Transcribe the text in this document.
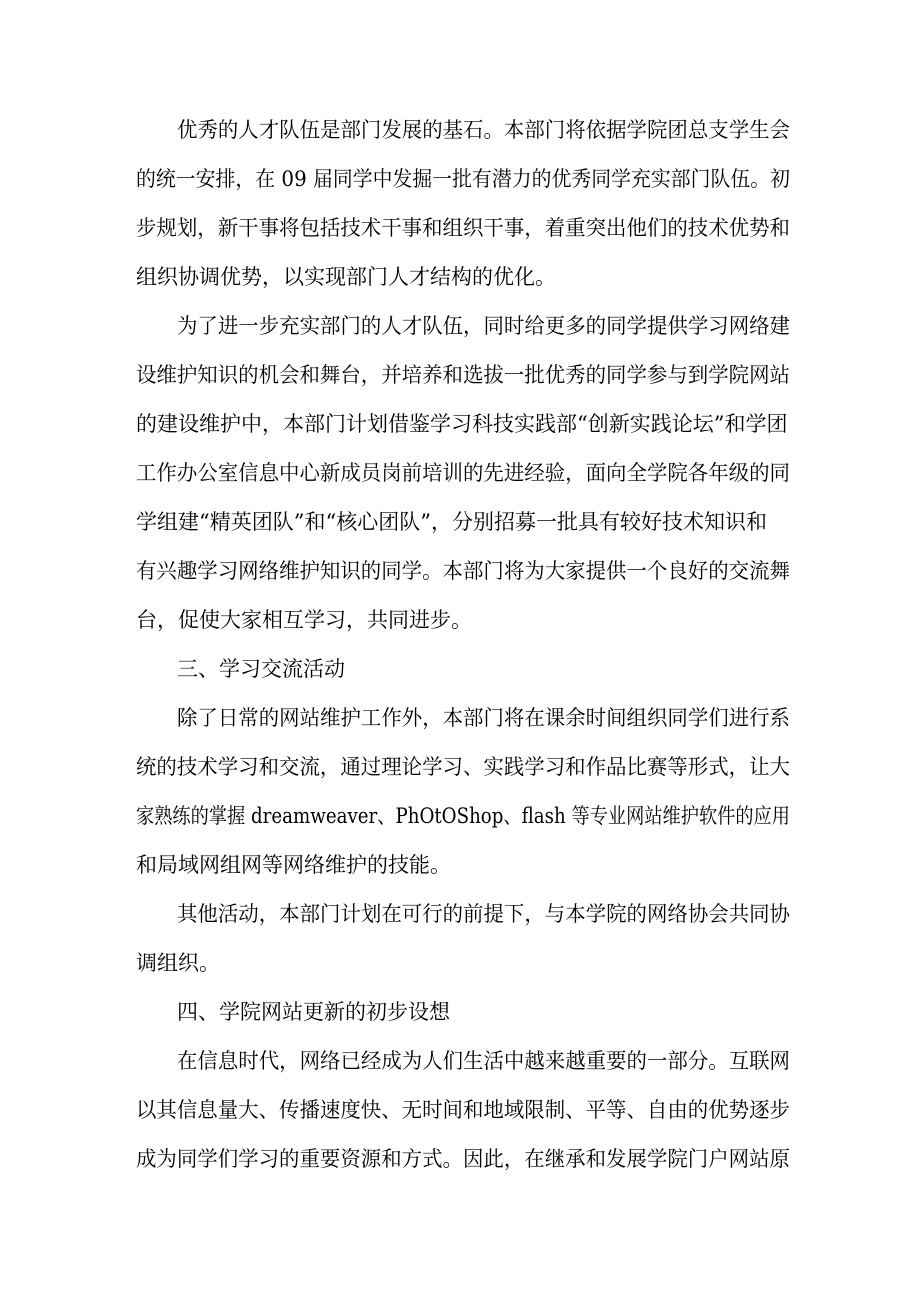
优秀的人才队伍是部门发展的基石。本部门将依据学院团总支学生会
的统一安排，在 09 届同学中发掘一批有潜力的优秀同学充实部门队伍。初
步规划，新干事将包括技术干事和组织干事，着重突出他们的技术优势和
组织协调优势，以实现部门人才结构的优化。
为了进一步充实部门的人才队伍，同时给更多的同学提供学习网络建
设维护知识的机会和舞台，并培养和选拔一批优秀的同学参与到学院网站
的建设维护中，本部门计划借鉴学习科技实践部“创新实践论坛”和学团
工作办公室信息中心新成员岗前培训的先进经验，面向全学院各年级的同
学组建“精英团队”和“核心团队”，分别招募一批具有较好技术知识和
有兴趣学习网络维护知识的同学。本部门将为大家提供一个良好的交流舞
台，促使大家相互学习，共同进步。
三、学习交流活动
除了日常的网站维护工作外，本部门将在课余时间组织同学们进行系
统的技术学习和交流，通过理论学习、实践学习和作品比赛等形式，让大
家熟练的掌握 dreamweaver、PhOtOShop、flash 等专业网站维护软件的应用
和局域网组网等网络维护的技能。
其他活动，本部门计划在可行的前提下，与本学院的网络协会共同协
调组织。
四、学院网站更新的初步设想
在信息时代，网络已经成为人们生活中越来越重要的一部分。互联网
以其信息量大、传播速度快、无时间和地域限制、平等、自由的优势逐步
成为同学们学习的重要资源和方式。因此，在继承和发展学院门户网站原
